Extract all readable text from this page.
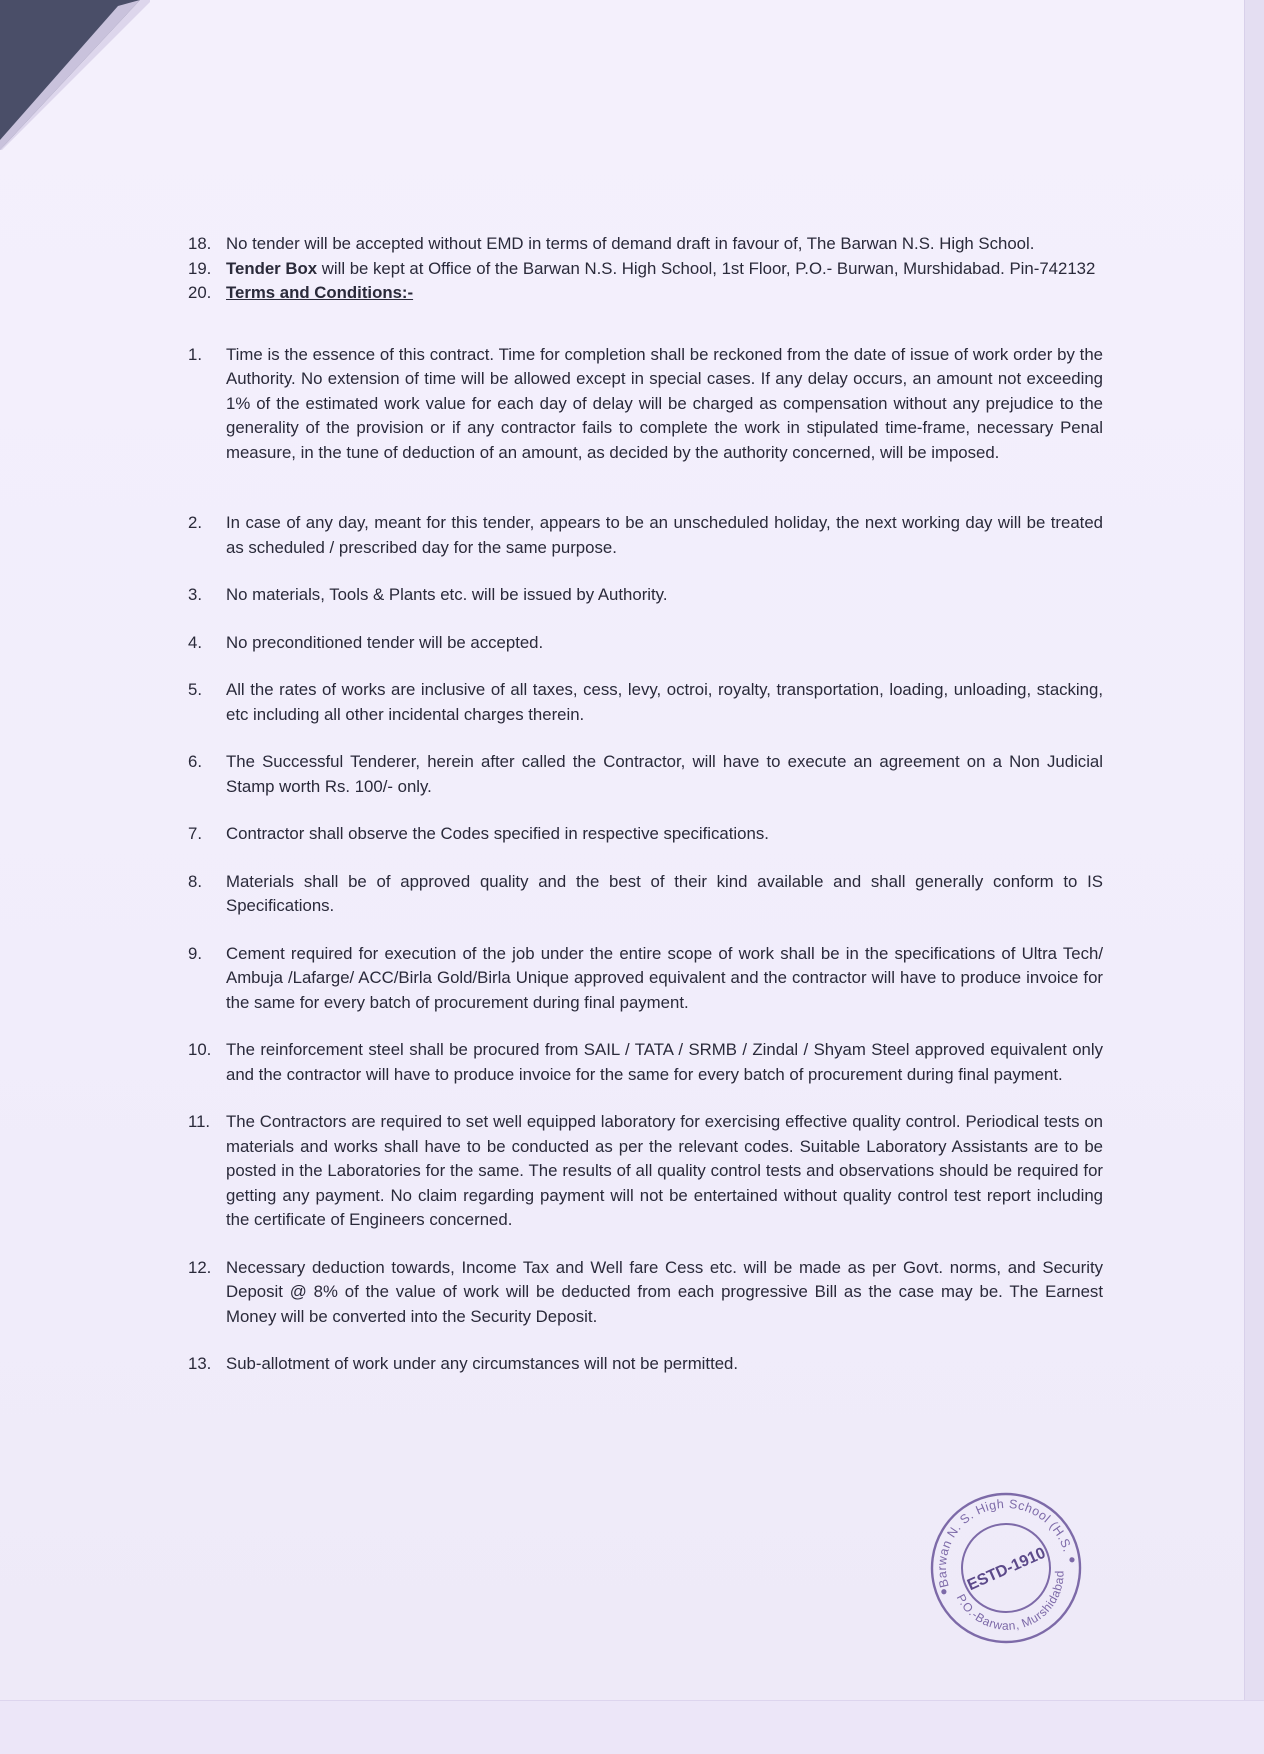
18. No tender will be accepted without EMD in terms of demand draft in favour of, The Barwan N.S. High School.
19. Tender Box will be kept at Office of the Barwan N.S. High School, 1st Floor, P.O.- Burwan, Murshidabad. Pin-742132
20. Terms and Conditions:-
1.	Time is the essence of this contract. Time for completion shall be reckoned from the date of issue of work order by the Authority. No extension of time will be allowed except in special cases. If any delay occurs, an amount not exceeding 1% of the estimated work value for each day of delay will be charged as compensation without any prejudice to the generality of the provision or if any contractor fails to complete the work in stipulated time-frame, necessary Penal measure, in the tune of deduction of an amount, as decided by the authority concerned, will be imposed.
2.	In case of any day, meant for this tender, appears to be an unscheduled holiday, the next working day will be treated as scheduled / prescribed day for the same purpose.
3.	No materials, Tools & Plants etc. will be issued by Authority.
4.	No preconditioned tender will be accepted.
5.	All the rates of works are inclusive of all taxes, cess, levy, octroi, royalty, transportation, loading, unloading, stacking, etc including all other incidental charges therein.
6.	The Successful Tenderer, herein after called the Contractor, will have to execute an agreement on a Non Judicial Stamp worth Rs. 100/- only.
7.	Contractor shall observe the Codes specified in respective specifications.
8.	Materials shall be of approved quality and the best of their kind available and shall generally conform to IS Specifications.
9.	Cement required for execution of the job under the entire scope of work shall be in the specifications of Ultra Tech/ Ambuja /Lafarge/ ACC/Birla Gold/Birla Unique approved equivalent and the contractor will have to produce invoice for the same for every batch of procurement during final payment.
10. The reinforcement steel shall be procured from SAIL / TATA / SRMB / Zindal / Shyam Steel approved equivalent only and the contractor will have to produce invoice for the same for every batch of procurement during final payment.
11. The Contractors are required to set well equipped laboratory for exercising effective quality control. Periodical tests on materials and works shall have to be conducted as per the relevant codes. Suitable Laboratory Assistants are to be posted in the Laboratories for the same. The results of all quality control tests and observations should be required for getting any payment. No claim regarding payment will not be entertained without quality control test report including the certificate of Engineers concerned.
12. Necessary deduction towards, Income Tax and Well fare Cess etc. will be made as per Govt. norms, and Security Deposit @ 8% of the value of work will be deducted from each progressive Bill as the case may be. The Earnest Money will be converted into the Security Deposit.
13. Sub-allotment of work under any circumstances will not be permitted.
Barwan N. S. High School (H.S.)
P.O.-Barwan, Murshidabad
ESTD-1910
